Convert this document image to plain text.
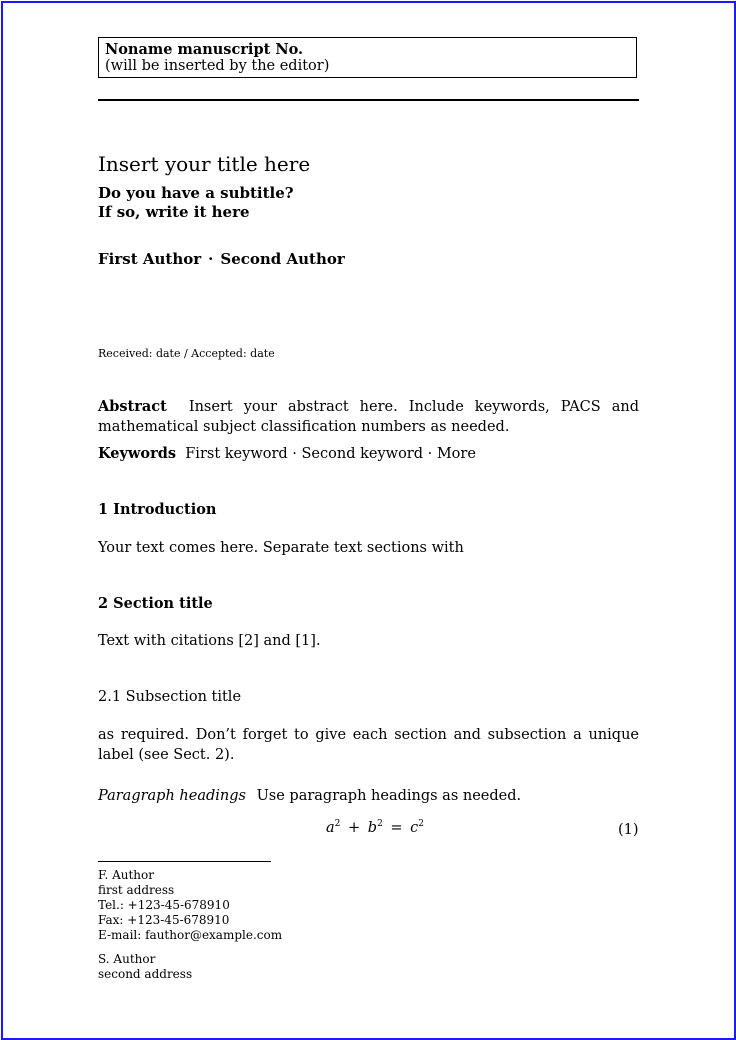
Noname manuscript No.
(will be inserted by the editor)
Insert your title here
Do you have a subtitle?
If so, write it here
First Author · Second Author
Received: date / Accepted: date
Abstract Insert your abstract here. Include keywords, PACS and mathematical subject classification numbers as needed.
Keywords First keyword · Second keyword · More
1 Introduction
Your text comes here. Separate text sections with
2 Section title
Text with citations [2] and [1].
2.1 Subsection title
as required. Don’t forget to give each section and subsection a unique label (see Sect. 2).
Paragraph headings Use paragraph headings as needed.
$a^2 + b^2 = c^2$	(1)
F. Author
first address
Tel.: +123-45-678910
Fax: +123-45-678910
E-mail: fauthor@example.com
S. Author
second address
